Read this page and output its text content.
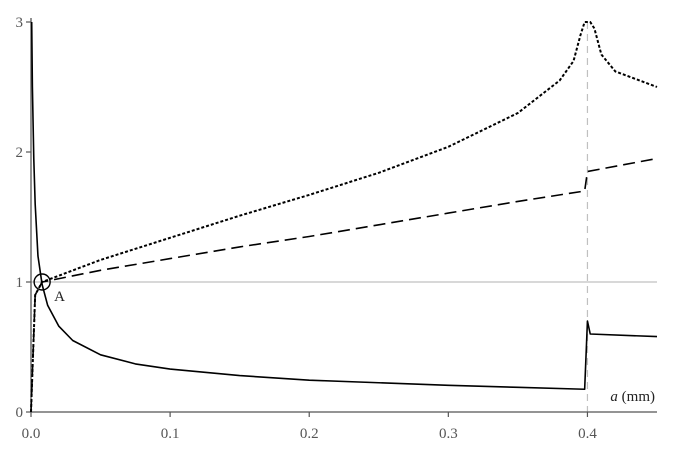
A
0
1
2
3
0.0	0.1	0.2	0.3	0.4
a (mm)
